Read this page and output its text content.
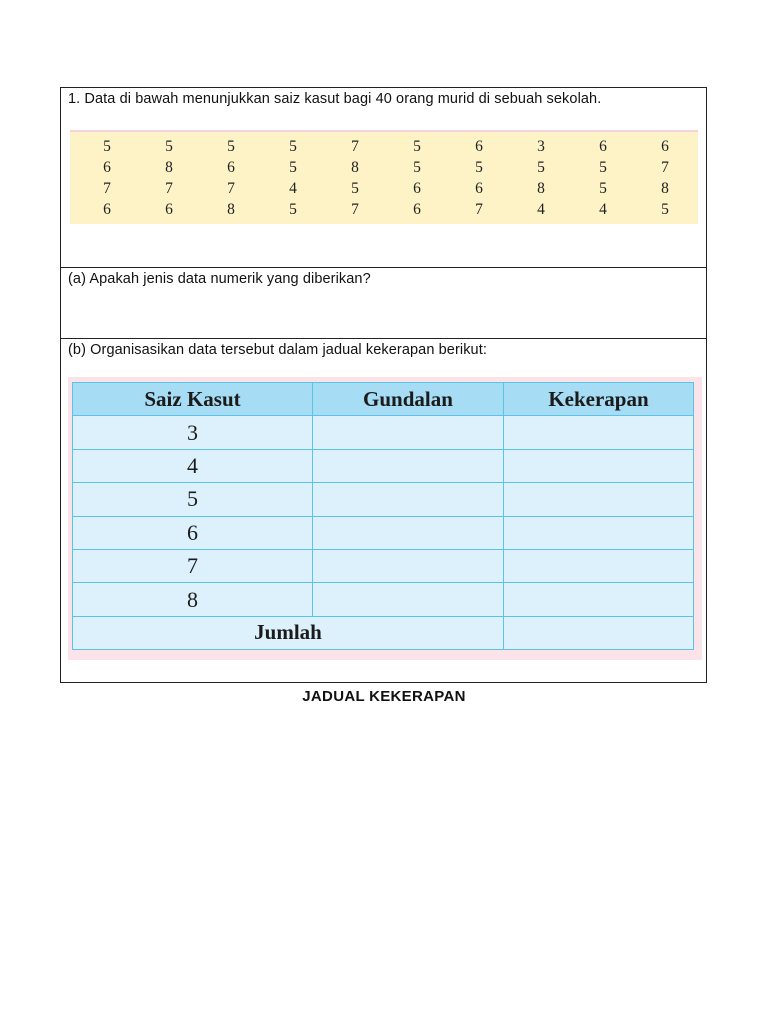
1. Data di bawah menunjukkan saiz kasut bagi 40 orang murid di sebuah sekolah.
5	5	5	5	7	5	6	3	6	6
6	8	6	5	8	5	5	5	5	7
7	7	7	4	5	6	6	8	5	8
6	6	8	5	7	6	7	4	4	5
(a) Apakah jenis data numerik yang diberikan?
(b) Organisasikan data tersebut dalam jadual kekerapan berikut:
Saiz Kasut	Gundalan	Kekerapan
3		
4		
5		
6		
7		
8		
Jumlah		
JADUAL KEKERAPAN
